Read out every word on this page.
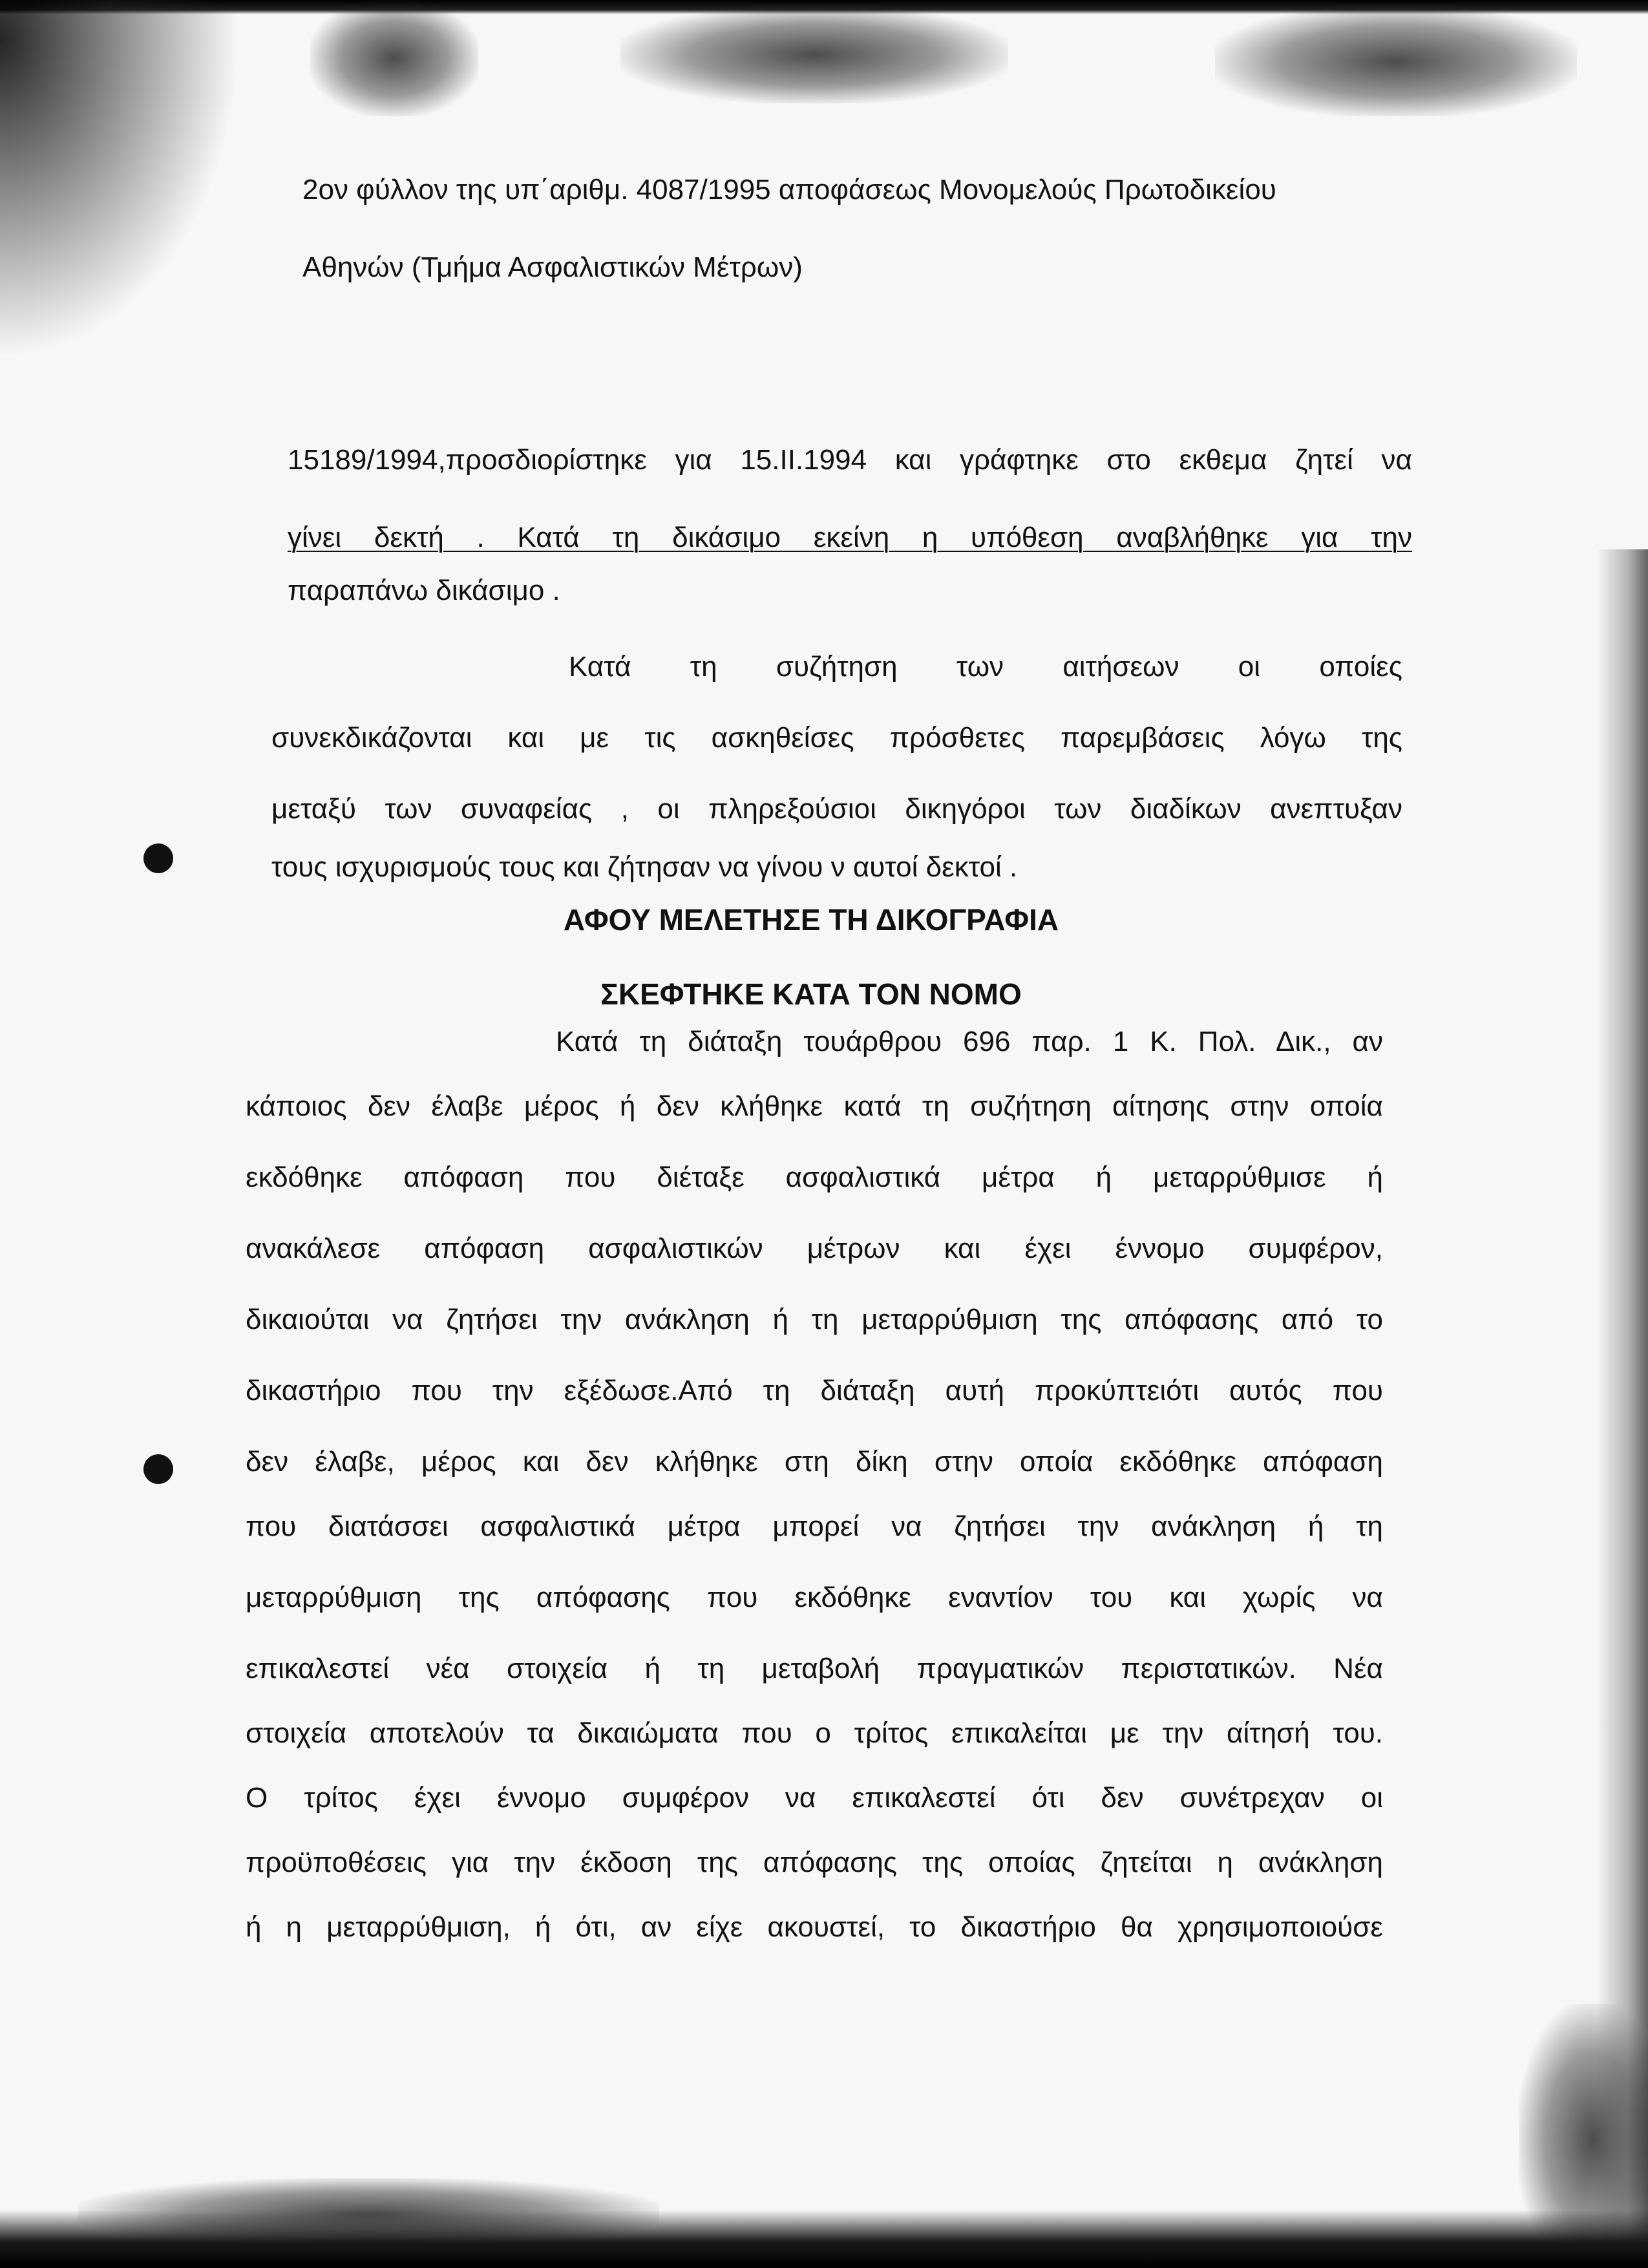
2ον φύλλον της υπ΄αριθμ. 4087/1995 αποφάσεως Μονομελούς Πρωτοδικείου
Αθηνών (Τμήμα Ασφαλιστικών Μέτρων)
15189/1994,προσδιορίστηκε για 15.ΙΙ.1994 και γράφτηκε στο εκθεμα ζητεί να
γίνει δεκτή . Κατά τη δικάσιμο εκείνη η υπόθεση αναβλήθηκε για την
παραπάνω δικάσιμο .
Κατά τη συζήτηση των αιτήσεων οι οποίες
συνεκδικάζονται και με τις ασκηθείσες πρόσθετες παρεμβάσεις λόγω της
μεταξύ των συναφείας , οι πληρεξούσιοι δικηγόροι των διαδίκων ανεπτυξαν
τους ισχυρισμούς τους και ζήτησαν να γίνου ν αυτοί δεκτοί .
ΑΦΟΥ ΜΕΛΕΤΗΣΕ ΤΗ ΔΙΚΟΓΡΑΦΙΑ
ΣΚΕΦΤΗΚΕ ΚΑΤΑ ΤΟΝ ΝΟΜΟ
Κατά τη διάταξη τουάρθρου 696 παρ. 1 Κ. Πολ. Δικ., αν
κάποιος δεν έλαβε μέρος ή δεν κλήθηκε κατά τη συζήτηση αίτησης στην οποία
εκδόθηκε απόφαση που διέταξε ασφαλιστικά μέτρα ή μεταρρύθμισε ή
ανακάλεσε απόφαση ασφαλιστικών μέτρων και έχει έννομο συμφέρον,
δικαιούται να ζητήσει την ανάκληση ή τη μεταρρύθμιση της απόφασης από το
δικαστήριο που την εξέδωσε.Από τη διάταξη αυτή προκύπτειότι αυτός που
δεν έλαβε, μέρος και δεν κλήθηκε στη δίκη στην οποία εκδόθηκε απόφαση
που διατάσσει ασφαλιστικά μέτρα μπορεί να ζητήσει την ανάκληση ή τη
μεταρρύθμιση της απόφασης που εκδόθηκε εναντίον του και χωρίς να
επικαλεστεί νέα στοιχεία ή τη μεταβολή πραγματικών περιστατικών. Νέα
στοιχεία αποτελούν τα δικαιώματα που ο τρίτος επικαλείται με την αίτησή του.
Ο τρίτος έχει έννομο συμφέρον να επικαλεστεί ότι δεν συνέτρεχαν οι
προϋποθέσεις για την έκδοση της απόφασης της οποίας ζητείται η ανάκληση
ή η μεταρρύθμιση, ή ότι, αν είχε ακουστεί, το δικαστήριο θα χρησιμοποιούσε
